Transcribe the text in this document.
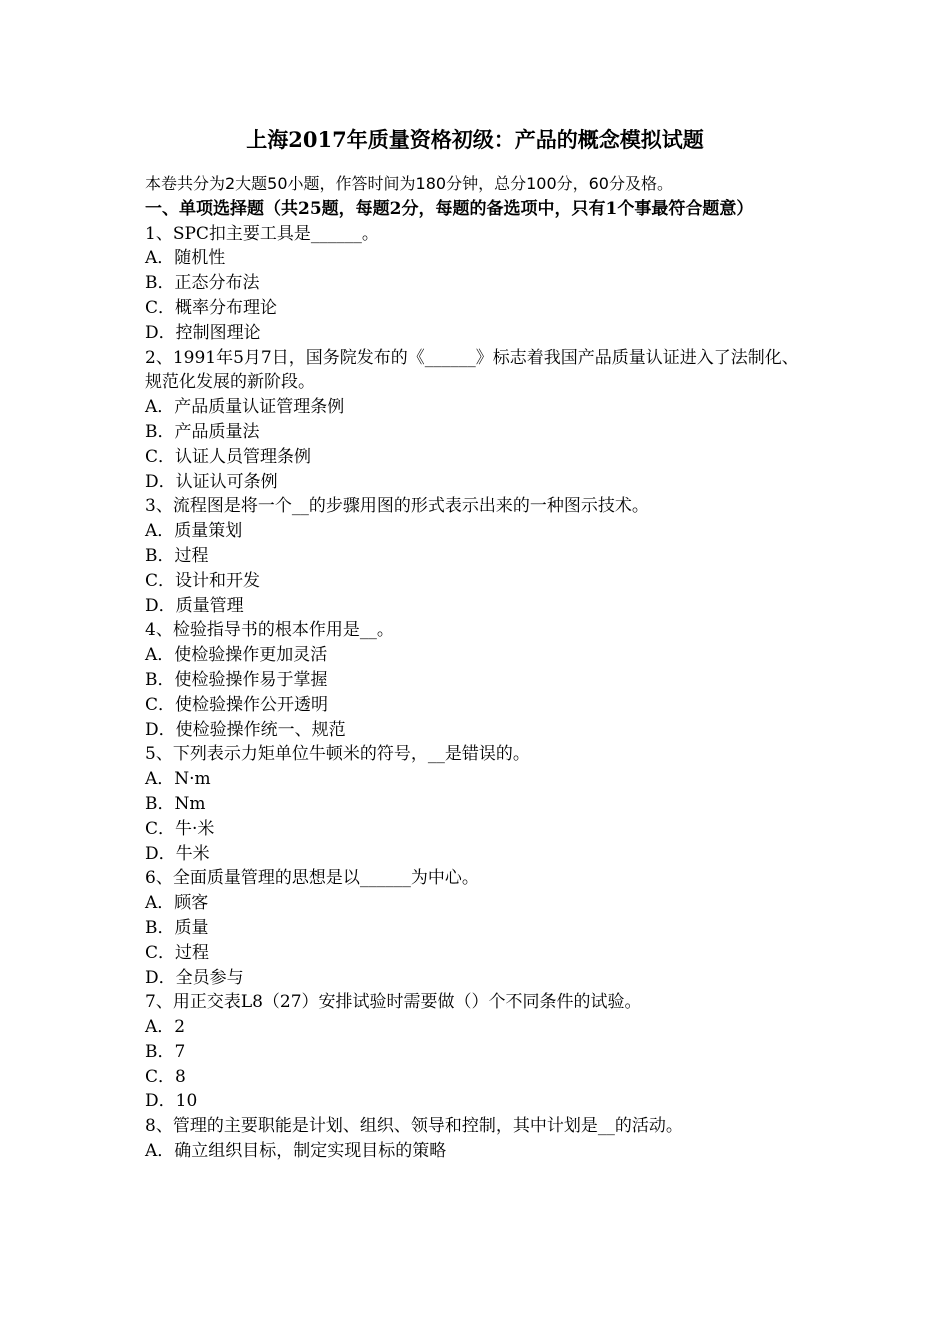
上海2017年质量资格初级：产品的概念模拟试题
本卷共分为2大题50小题，作答时间为180分钟，总分100分，60分及格。
一、单项选择题（共25题，每题2分，每题的备选项中，只有1个事最符合题意）
1、SPC扣主要工具是______。
A．随机性
B．正态分布法
C．概率分布理论
D．控制图理论
2、1991年5月7日，国务院发布的《______》标志着我国产品质量认证进入了法制化、规范化发展的新阶段。
A．产品质量认证管理条例
B．产品质量法
C．认证人员管理条例
D．认证认可条例
3、流程图是将一个__的步骤用图的形式表示出来的一种图示技术。
A．质量策划
B．过程
C．设计和开发
D．质量管理
4、检验指导书的根本作用是__。
A．使检验操作更加灵活
B．使检验操作易于掌握
C．使检验操作公开透明
D．使检验操作统一、规范
5、下列表示力矩单位牛顿米的符号，__是错误的。
A．N·m
B．Nm
C．牛·米
D．牛米
6、全面质量管理的思想是以______为中心。
A．顾客
B．质量
C．过程
D．全员参与
7、用正交表L8（27）安排试验时需要做（）个不同条件的试验。
A．2
B．7
C．8
D．10
8、管理的主要职能是计划、组织、领导和控制，其中计划是__的活动。
A．确立组织目标，制定实现目标的策略
